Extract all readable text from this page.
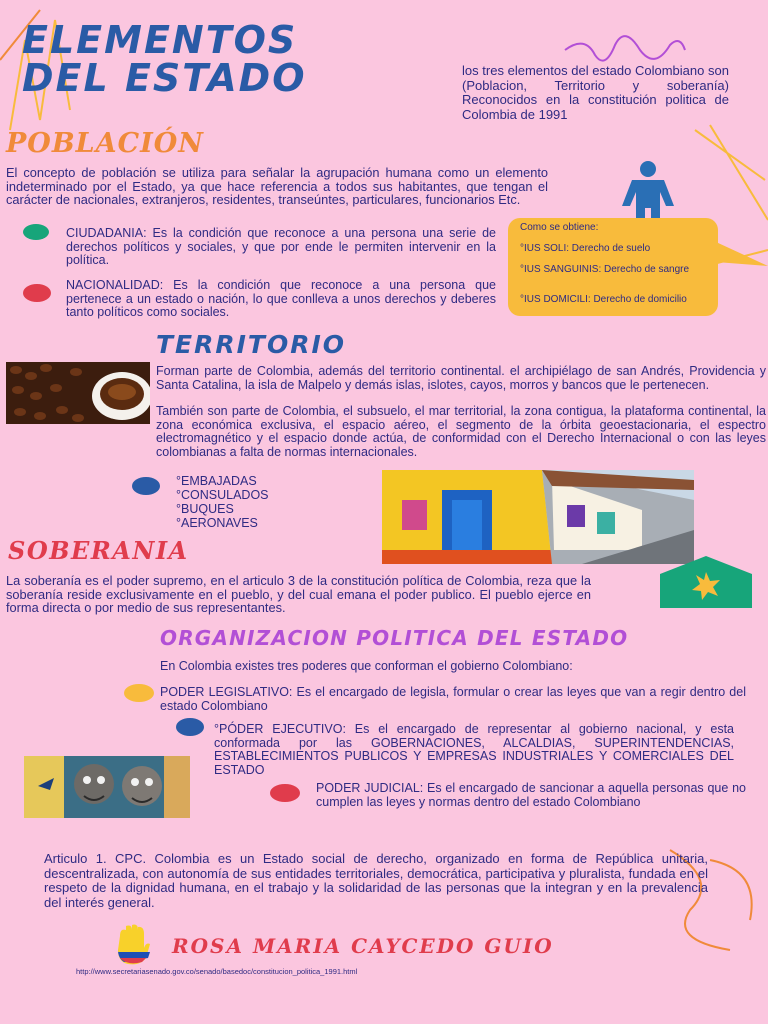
ELEMENTOS
DEL ESTADO	los tres elementos del estado Colombiano son (Poblacion, Territorio y soberanía) Reconocidos en la constitución politica de Colombia de 1991
POBLACIÓN
El concepto de población se utiliza para señalar la agrupación humana como un elemento indeterminado por el Estado, ya que hace referencia a todos sus habitantes, que tengan el carácter de nacionales, extranjeros, residentes, transeúntes, particulares, funcionarios Etc.
CIUDADANIA: Es la condición que reconoce a una persona una serie de derechos políticos y sociales, y que por ende le permiten intervenir en la política.
NACIONALIDAD: Es la condición que reconoce a una persona que pertenece a un estado o nación, lo que conlleva a unos derechos y deberes tanto políticos como sociales.
Como se obtiene:
°IUS SOLI: Derecho de suelo
°IUS SANGUINIS: Derecho de sangre
°IUS DOMICILI: Derecho de domicilio
TERRITORIO
Forman parte de Colombia, además del territorio continental. el archipiélago de san Andrés, Providencia y Santa Catalina, la isla de Malpelo y demás islas, islotes, cayos, morros y bancos que le pertenecen.
También son parte de Colombia, el subsuelo, el mar territorial, la zona contigua, la plataforma continental, la zona económica exclusiva, el espacio aéreo, el segmento de la órbita geoestacionaria, el espectro electromagnético y el espacio donde actúa, de conformidad con el Derecho Internacional o con las leyes colombianas a falta de normas internacionales.
°EMBAJADAS
°CONSULADOS
°BUQUES
°AERONAVES
SOBERANIA
La soberanía es el poder supremo, en el articulo 3 de la constitución política de Colombia, reza que la soberanía reside exclusivamente en el pueblo, y del cual emana el poder publico. El pueblo ejerce en forma directa o por medio de sus representantes.
ORGANIZACION POLITICA DEL ESTADO
En Colombia existes tres poderes que conforman el gobierno Colombiano:
PODER LEGISLATIVO: Es el encargado de legisla, formular o crear las leyes que van a regir dentro del estado Colombiano
°PÓDER EJECUTIVO: Es el encargado de representar al gobierno nacional, y esta conformada por las GOBERNACIONES, ALCALDIAS, SUPERINTENDENCIAS, ESTABLECIMIENTOS PUBLICOS Y EMPRESAS INDUSTRIALES Y COMERCIALES DEL ESTADO
PODER JUDICIAL: Es el encargado de sancionar a aquella personas que no cumplen las leyes y normas dentro del estado Colombiano
Articulo 1. CPC. Colombia es un Estado social de derecho, organizado en forma de República unitaria, descentralizada, con autonomía de sus entidades territoriales, democrática, participativa y pluralista, fundada en el respeto de la dignidad humana, en el trabajo y la solidaridad de las personas que la integran y en la prevalencia del interés general.
ROSA MARIA CAYCEDO GUIO
http://www.secretariasenado.gov.co/senado/basedoc/constitucion_politica_1991.html
